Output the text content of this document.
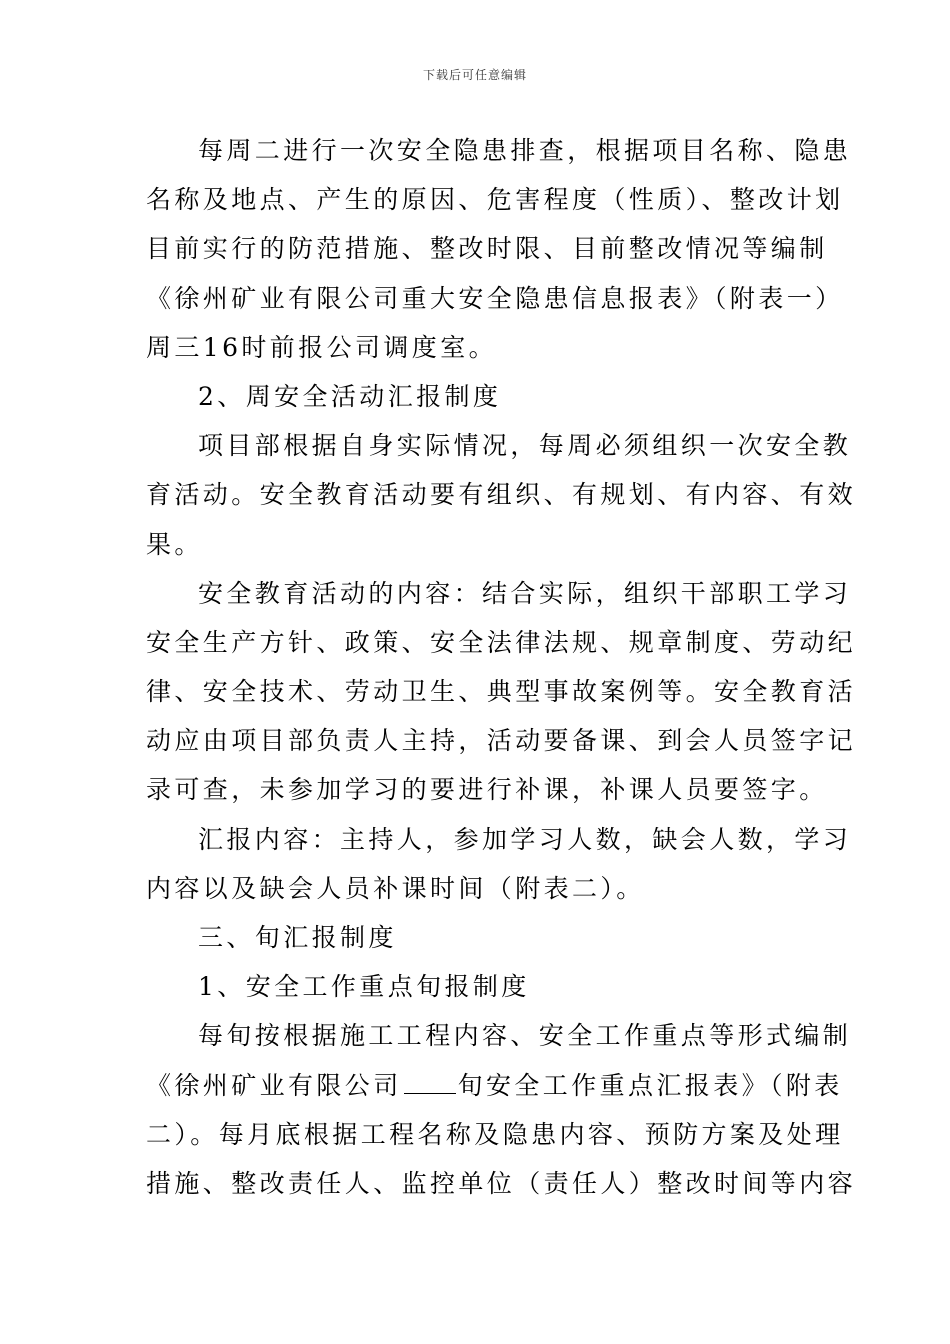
下载后可任意编辑
每周二进行一次安全隐患排查，根据项目名称、隐患
名称及地点、产生的原因、危害程度（性质）、整改计划
目前实行的防范措施、整改时限、目前整改情况等编制
《徐州矿业有限公司重大安全隐患信息报表》（附表一）
周三16时前报公司调度室。
2、周安全活动汇报制度
项目部根据自身实际情况，每周必须组织一次安全教
育活动。安全教育活动要有组织、有规划、有内容、有效
果。
安全教育活动的内容：结合实际，组织干部职工学习
安全生产方针、政策、安全法律法规、规章制度、劳动纪
律、安全技术、劳动卫生、典型事故案例等。安全教育活
动应由项目部负责人主持，活动要备课、到会人员签字记
录可查，未参加学习的要进行补课，补课人员要签字。
汇报内容：主持人，参加学习人数，缺会人数，学习
内容以及缺会人员补课时间（附表二）。
三、旬汇报制度
1、安全工作重点旬报制度
每旬按根据施工工程内容、安全工作重点等形式编制
《徐州矿业有限公司 旬安全工作重点汇报表》（附表
二）。每月底根据工程名称及隐患内容、预防方案及处理
措施、整改责任人、监控单位（责任人）整改时间等内容
